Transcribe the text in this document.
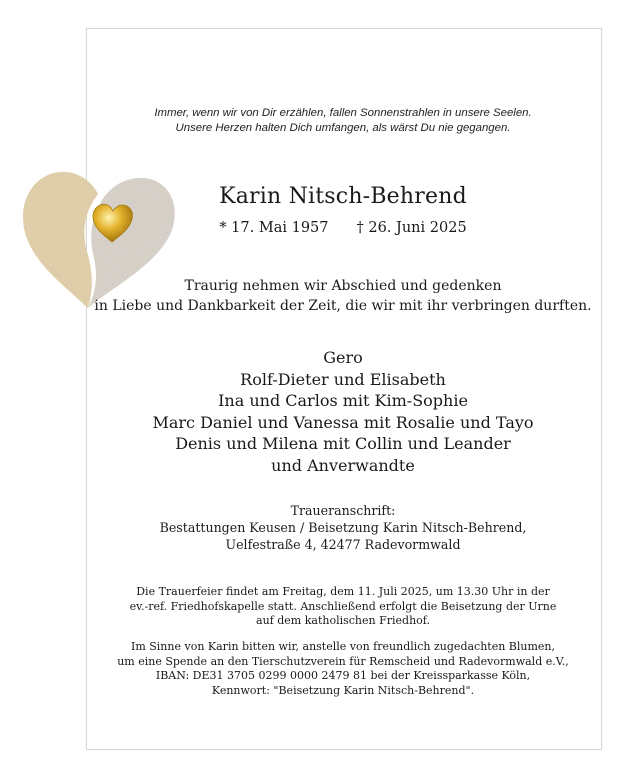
Immer, wenn wir von Dir erzählen, fallen Sonnenstrahlen in unsere Seelen.
Unsere Herzen halten Dich umfangen, als wärst Du nie gegangen.
Karin Nitsch-Behrend
* 17. Mai 1957 † 26. Juni 2025
Traurig nehmen wir Abschied und gedenken
in Liebe und Dankbarkeit der Zeit, die wir mit ihr verbringen durften.
Gero
Rolf-Dieter und Elisabeth
Ina und Carlos mit Kim-Sophie
Marc Daniel und Vanessa mit Rosalie und Tayo
Denis und Milena mit Collin und Leander
und Anverwandte
Traueranschrift:
Bestattungen Keusen / Beisetzung Karin Nitsch-Behrend,
Uelfestraße 4, 42477 Radevormwald
Die Trauerfeier findet am Freitag, dem 11. Juli 2025, um 13.30 Uhr in der
ev.-ref. Friedhofskapelle statt. Anschließend erfolgt die Beisetzung der Urne
auf dem katholischen Friedhof.
Im Sinne von Karin bitten wir, anstelle von freundlich zugedachten Blumen,
um eine Spende an den Tierschutzverein für Remscheid und Radevormwald e.V.,
IBAN: DE31 3705 0299 0000 2479 81 bei der Kreissparkasse Köln,
Kennwort: "Beisetzung Karin Nitsch-Behrend".
